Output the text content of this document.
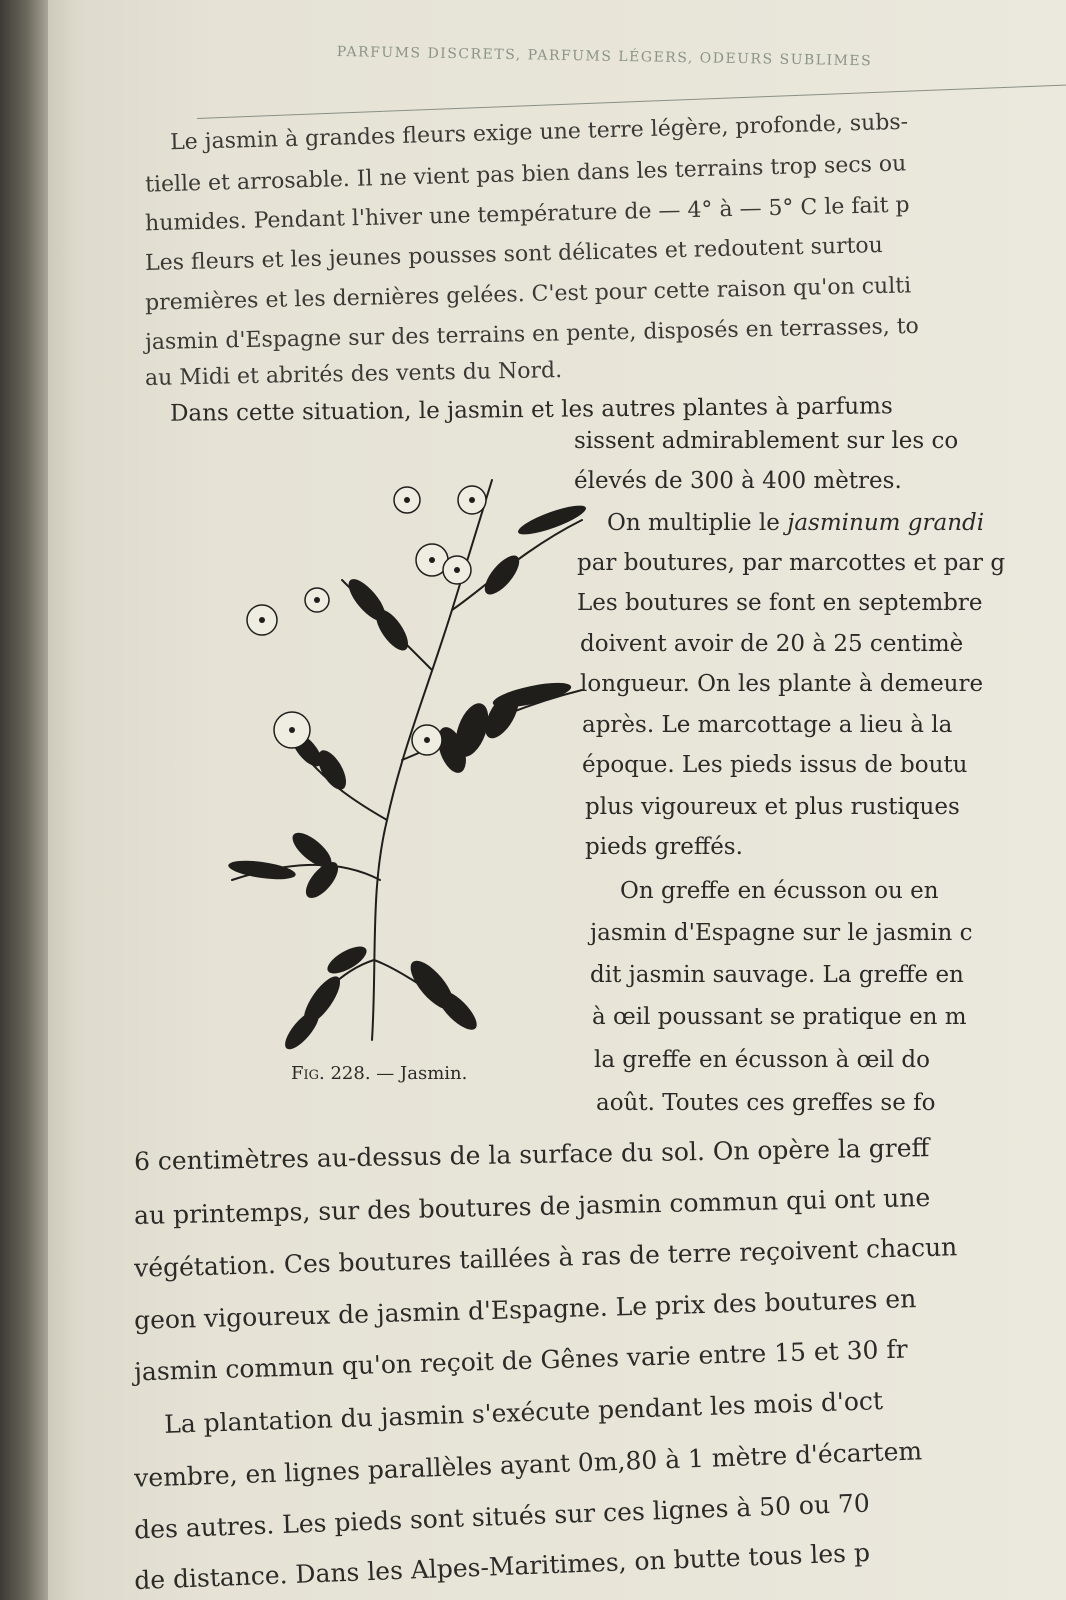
PARFUMS DISCRETS, PARFUMS LÉGERS, ODEURS SUBLIMES
Le jasmin à grandes fleurs exige une terre légère, profonde, subs-
tielle et arrosable. Il ne vient pas bien dans les terrains trop secs ou
humides. Pendant l'hiver une température de — 4° à — 5° C le fait p
Les fleurs et les jeunes pousses sont délicates et redoutent surtou
premières et les dernières gelées. C'est pour cette raison qu'on culti
jasmin d'Espagne sur des terrains en pente, disposés en terrasses, to
au Midi et abrités des vents du Nord.
Dans cette situation, le jasmin et les autres plantes à parfums
sissent admirablement sur les co
élevés de 300 à 400 mètres.
On multiplie le jasminum grandi
par boutures, par marcottes et par g
Les boutures se font en septembre
doivent avoir de 20 à 25 centimè
longueur. On les plante à demeure
après. Le marcottage a lieu à la
époque. Les pieds issus de boutu
plus vigoureux et plus rustiques
pieds greffés.
On greffe en écusson ou en
jasmin d'Espagne sur le jasmin c
dit jasmin sauvage. La greffe en
à œil poussant se pratique en m
la greffe en écusson à œil do
août. Toutes ces greffes se fo
Fig. 228. — Jasmin.
6 centimètres au-dessus de la surface du sol. On opère la greff
au printemps, sur des boutures de jasmin commun qui ont une
végétation. Ces boutures taillées à ras de terre reçoivent chacun
geon vigoureux de jasmin d'Espagne. Le prix des boutures en
jasmin commun qu'on reçoit de Gênes varie entre 15 et 30 fr
La plantation du jasmin s'exécute pendant les mois d'oct
vembre, en lignes parallèles ayant 0m,80 à 1 mètre d'écartem
des autres. Les pieds sont situés sur ces lignes à 50 ou 70
de distance. Dans les Alpes-Maritimes, on butte tous les p
